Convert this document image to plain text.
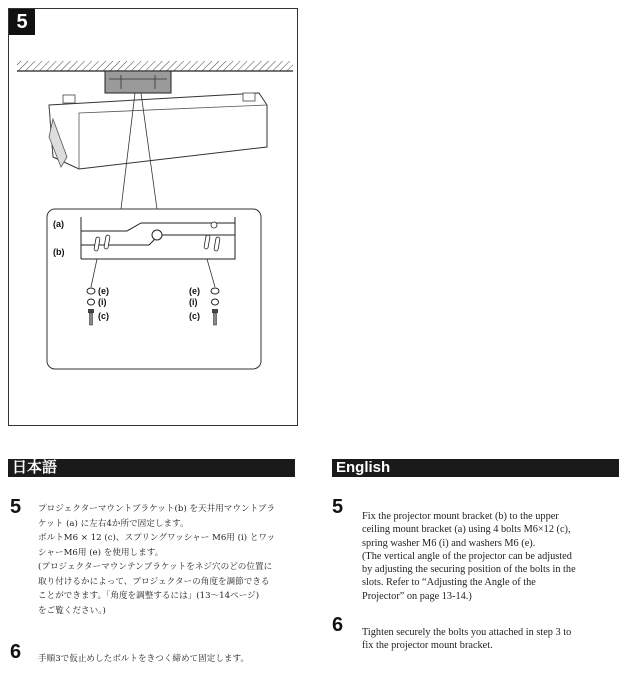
5
(a)
(b)
(e)
(i)
(c)
(e)
(i)
(c)
日本語
5 プロジェクターマウントブラケット(b) を天井用マウントブラ
ケット (a) に左右4か所で固定します。
ボルトM6 × 12 (c)、スプリングワッシャー M6用 (i) とワッ
シャーM6用 (e) を使用します。
(プロジェクターマウンテンブラケットをネジ穴のどの位置に
取り付けるかによって、プロジェクターの角度を調節できる
ことができます。「角度を調整するには」(13～14ページ)
をご覧ください。)
6 手順3で仮止めしたボルトをきつく締めて固定します。
English
5 Fix the projector mount bracket (b) to the upper
ceiling mount bracket (a) using 4 bolts M6×12 (c),
spring washer M6 (i) and washers M6 (e).
(The vertical angle of the projector can be adjusted
by adjusting the securing position of the bolts in the
slots. Refer to “Adjusting the Angle of the
Projector” on page 13-14.)
6 Tighten securely the bolts you attached in step 3 to
fix the projector mount bracket.
